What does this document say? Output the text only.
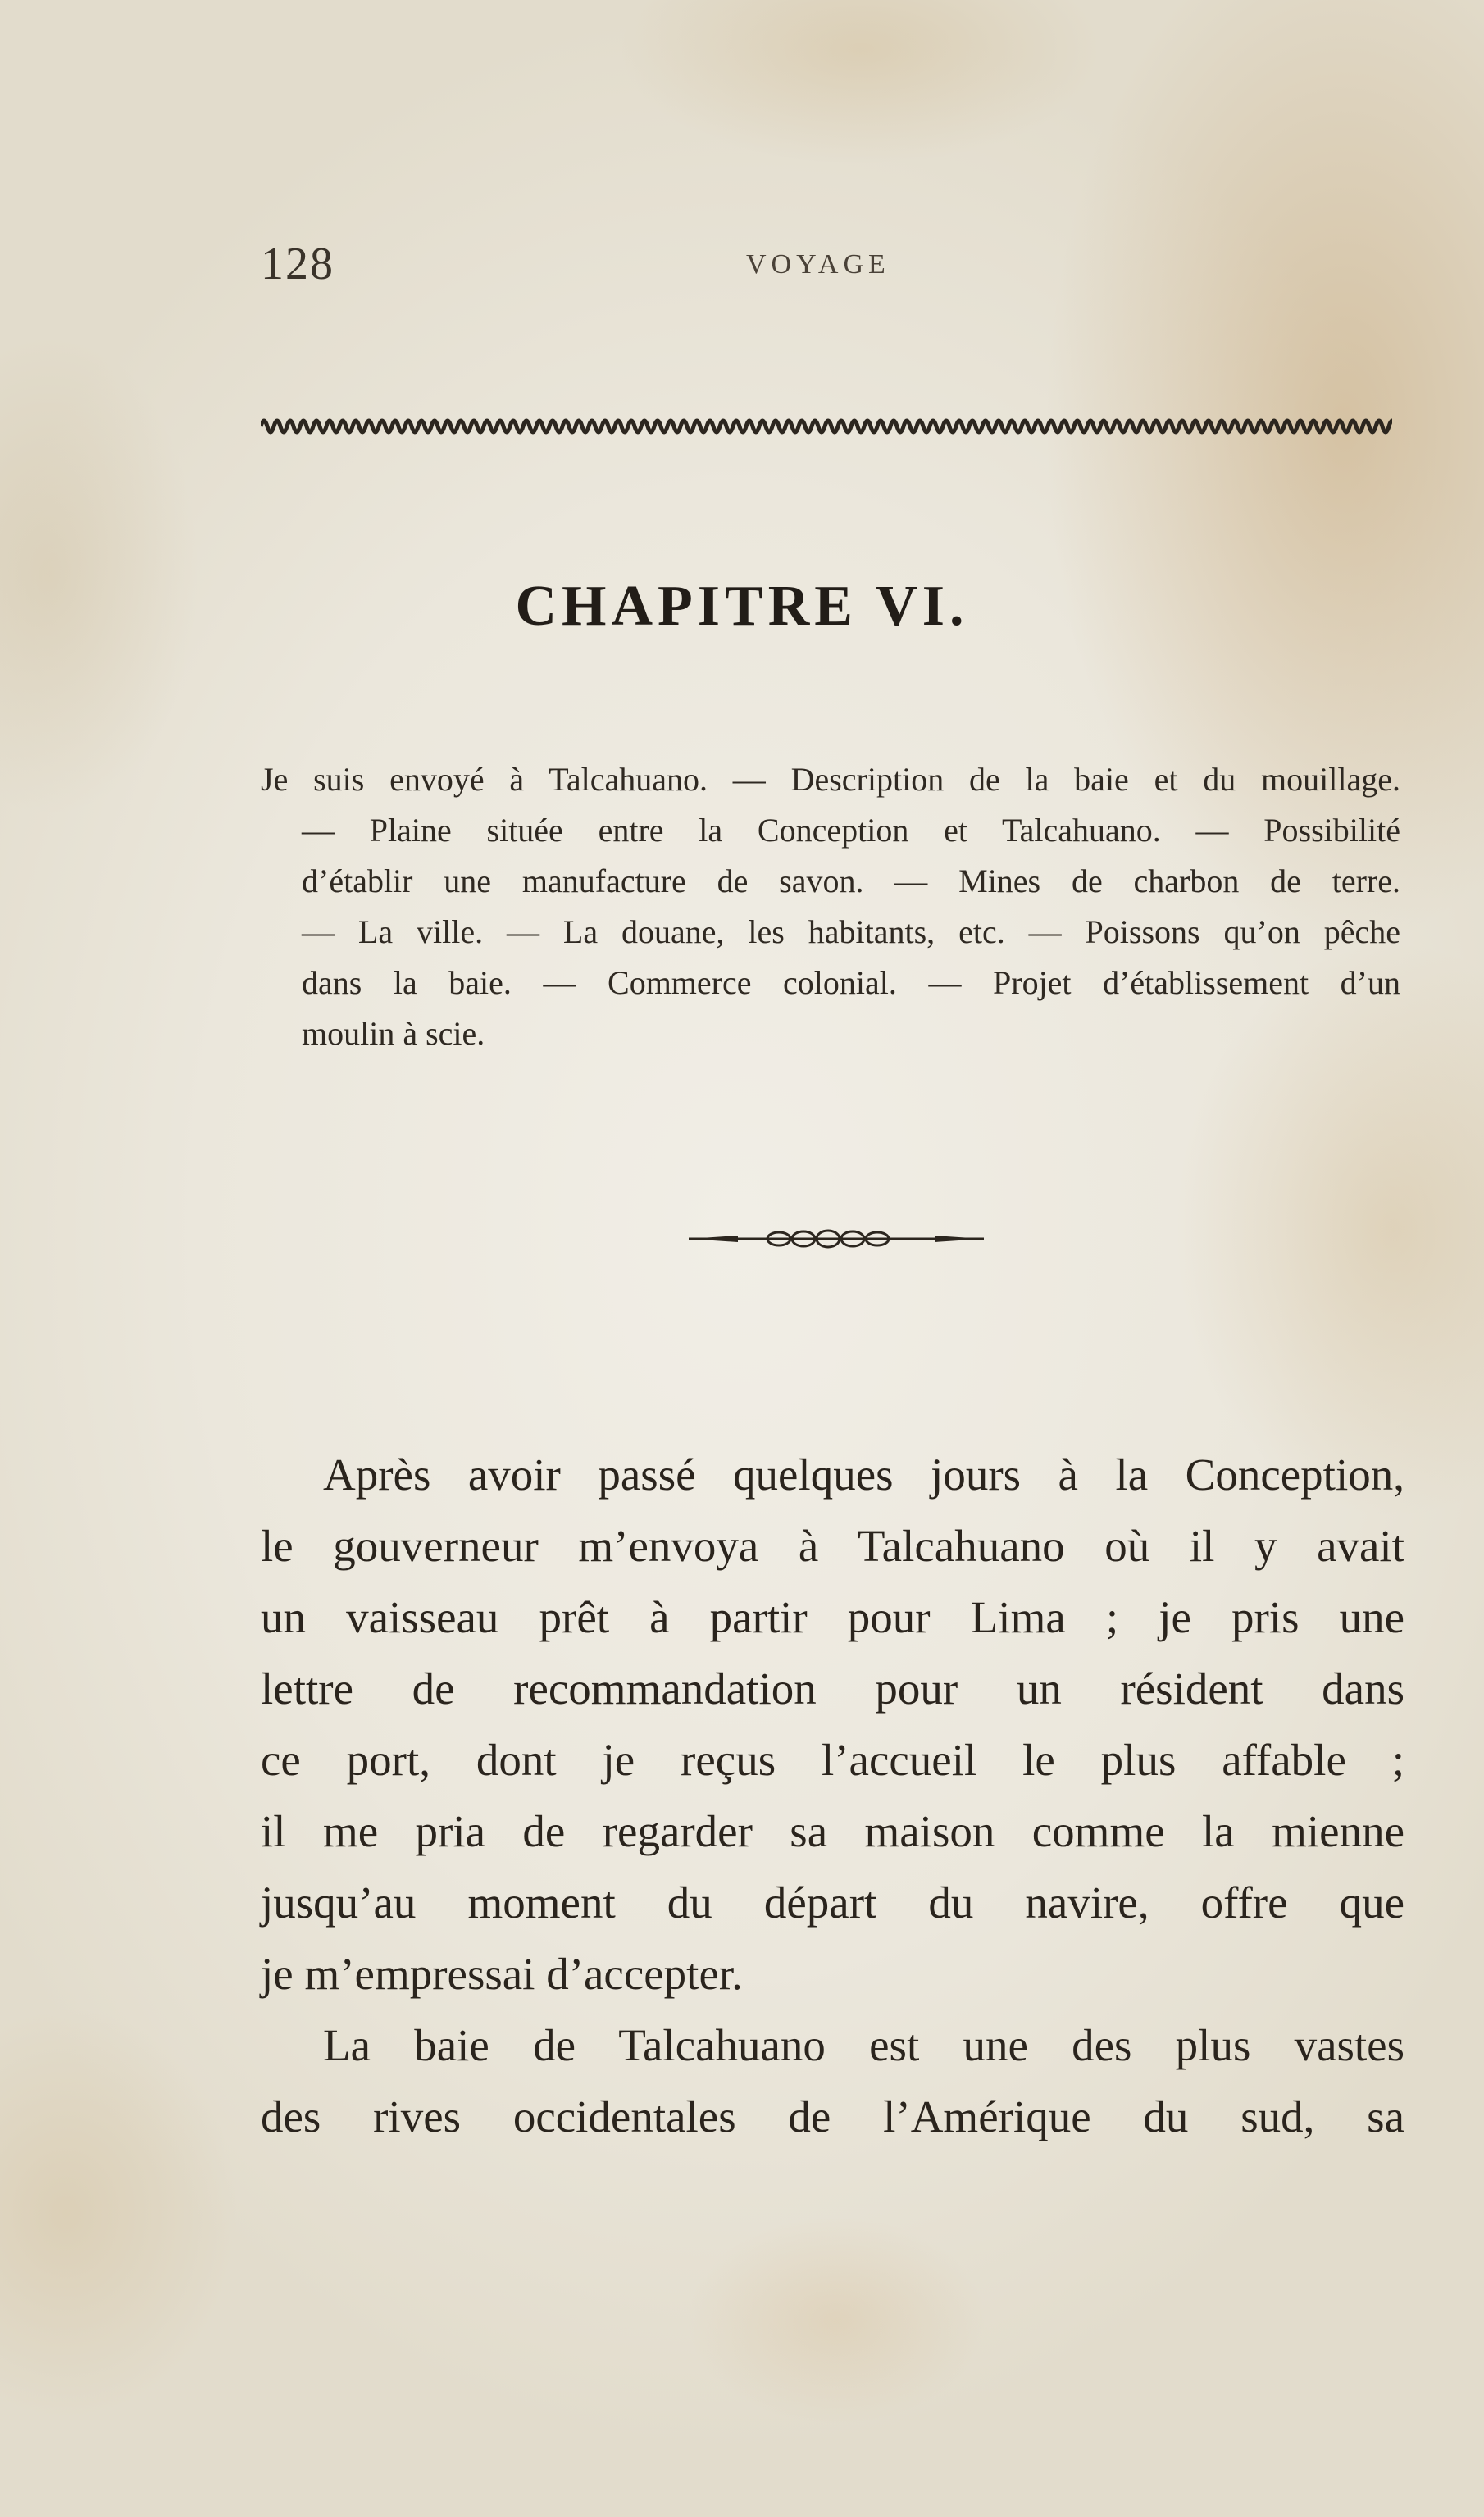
128	VOYAGE
CHAPITRE VI.
Je suis envoyé à Talcahuano. — Description de la baie et du mouillage.
— Plaine située entre la Conception et Talcahuano. — Possibilité
d’établir une manufacture de savon. — Mines de charbon de terre.
— La ville. — La douane, les habitants, etc. — Poissons qu’on pêche
dans la baie. — Commerce colonial. — Projet d’établissement d’un
moulin à scie.
Après avoir passé quelques jours à la Conception,
le gouverneur m’envoya à Talcahuano où il y avait
un vaisseau prêt à partir pour Lima ; je pris une
lettre de recommandation pour un résident dans
ce port, dont je reçus l’accueil le plus affable ;
il me pria de regarder sa maison comme la mienne
jusqu’au moment du départ du navire, offre que
je m’empressai d’accepter.
La baie de Talcahuano est une des plus vastes
des rives occidentales de l’Amérique du sud, sa
